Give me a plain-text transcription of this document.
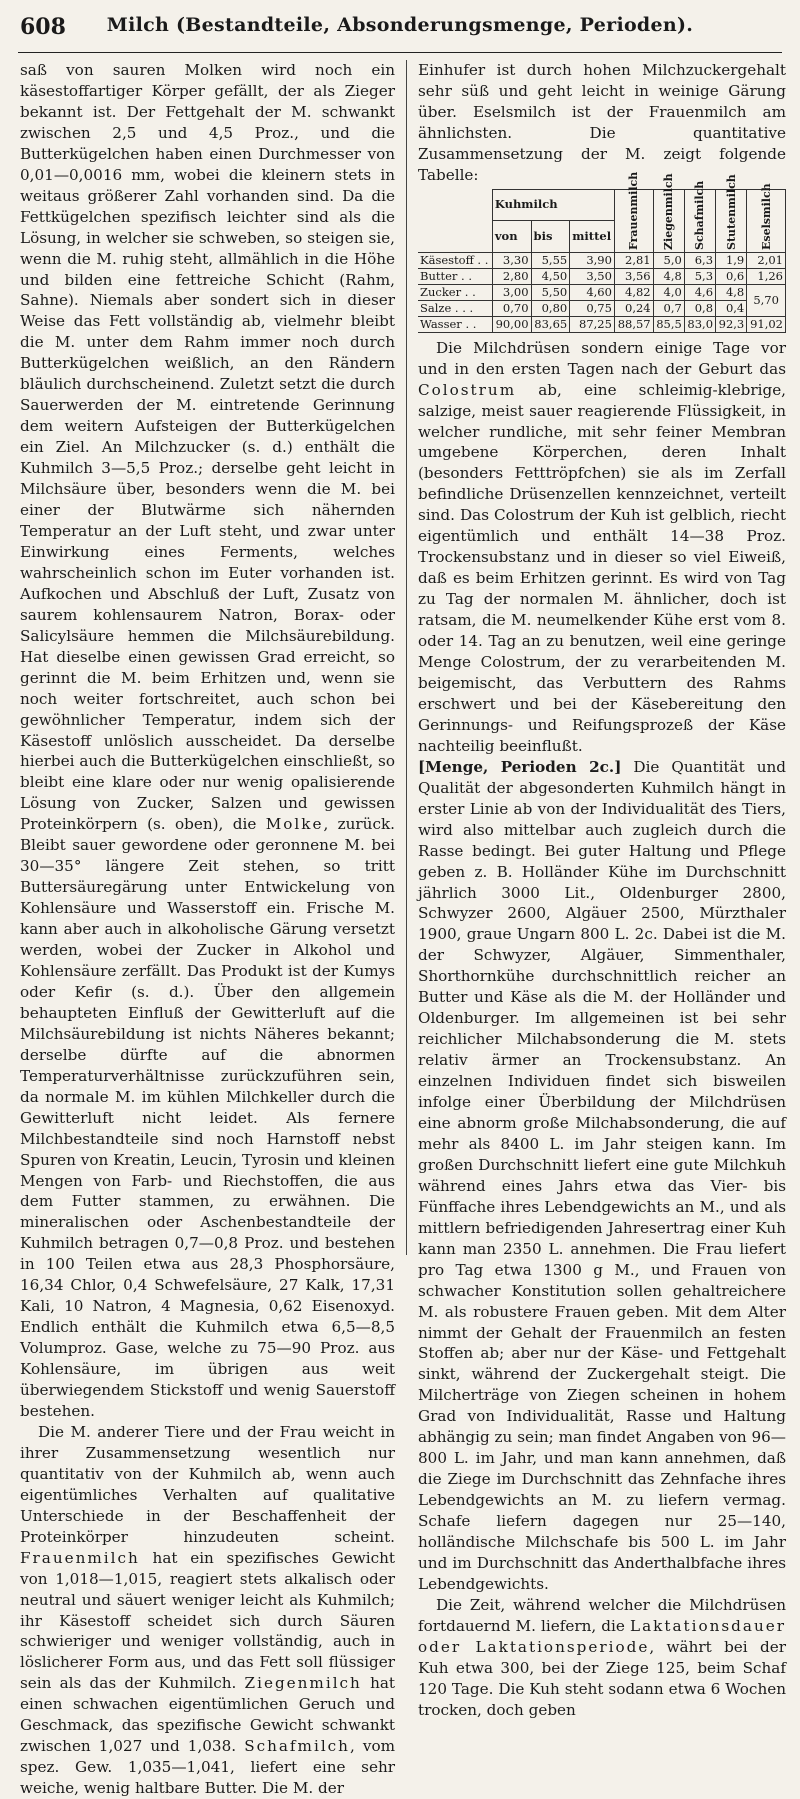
608	Milch (Bestandteile, Absonderungsmenge, Perioden).

saß von sauren Molken wird noch ein käsestoffartiger Körper gefällt, der als Zieger bekannt ist. Der Fettgehalt der M. schwankt zwischen 2,5 und 4,5 Proz., und die Butterkügelchen haben einen Durchmesser von 0,01—0,0016 mm, wobei die kleinern stets in weitaus größerer Zahl vorhanden sind. Da die Fettkügelchen spezifisch leichter sind als die Lösung, in welcher sie schweben, so steigen sie, wenn die M. ruhig steht, allmählich in die Höhe und bilden eine fettreiche Schicht (Rahm, Sahne). Niemals aber sondert sich in dieser Weise das Fett vollständig ab, vielmehr bleibt die M. unter dem Rahm immer noch durch Butterkügelchen weißlich, an den Rändern bläulich durchscheinend. Zuletzt setzt die durch Sauerwerden der M. eintretende Gerinnung dem weitern Aufsteigen der Butterkügelchen ein Ziel. An Milchzucker (s. d.) enthält die Kuhmilch 3—5,5 Proz.; derselbe geht leicht in Milchsäure über, besonders wenn die M. bei einer der Blutwärme sich nähernden Temperatur an der Luft steht, und zwar unter Einwirkung eines Ferments, welches wahrscheinlich schon im Euter vorhanden ist. Aufkochen und Abschluß der Luft, Zusatz von saurem kohlensaurem Natron, Borax- oder Salicylsäure hemmen die Milchsäurebildung. Hat dieselbe einen gewissen Grad erreicht, so gerinnt die M. beim Erhitzen und, wenn sie noch weiter fortschreitet, auch schon bei gewöhnlicher Temperatur, indem sich der Käsestoff unlöslich ausscheidet. Da derselbe hierbei auch die Butterkügelchen einschließt, so bleibt eine klare oder nur wenig opalisierende Lösung von Zucker, Salzen und gewissen Proteinkörpern (s. oben), die Molke, zurück. Bleibt sauer gewordene oder geronnene M. bei 30—35° längere Zeit stehen, so tritt Buttersäuregärung unter Entwickelung von Kohlensäure und Wasserstoff ein. Frische M. kann aber auch in alkoholische Gärung versetzt werden, wobei der Zucker in Alkohol und Kohlensäure zerfällt. Das Produkt ist der Kumys oder Kefir (s. d.). Über den allgemein behaupteten Einfluß der Gewitterluft auf die Milchsäurebildung ist nichts Näheres bekannt; derselbe dürfte auf die abnormen Temperaturverhältnisse zurückzuführen sein, da normale M. im kühlen Milchkeller durch die Gewitterluft nicht leidet. Als fernere Milchbestandteile sind noch Harnstoff nebst Spuren von Kreatin, Leucin, Tyrosin und kleinen Mengen von Farb- und Riechstoffen, die aus dem Futter stammen, zu erwähnen. Die mineralischen oder Aschenbestandteile der Kuhmilch betragen 0,7—0,8 Proz. und bestehen in 100 Teilen etwa aus 28,3 Phosphorsäure, 16,34 Chlor, 0,4 Schwefelsäure, 27 Kalk, 17,31 Kali, 10 Natron, 4 Magnesia, 0,62 Eisenoxyd. Endlich enthält die Kuhmilch etwa 6,5—8,5 Volumproz. Gase, welche zu 75—90 Proz. aus Kohlensäure, im übrigen aus weit überwiegendem Stickstoff und wenig Sauerstoff bestehen.

Die M. anderer Tiere und der Frau weicht in ihrer Zusammensetzung wesentlich nur quantitativ von der Kuhmilch ab, wenn auch eigentümliches Verhalten auf qualitative Unterschiede in der Beschaffenheit der Proteinkörper hinzudeuten scheint. Frauenmilch hat ein spezifisches Gewicht von 1,018—1,015, reagiert stets alkalisch oder neutral und säuert weniger leicht als Kuhmilch; ihr Käsestoff scheidet sich durch Säuren schwieriger und weniger vollständig, auch in löslicherer Form aus, und das Fett soll flüssiger sein als das der Kuhmilch. Ziegenmilch hat einen schwachen eigentümlichen Geruch und Geschmack, das spezifische Gewicht schwankt zwischen 1,027 und 1,038. Schafmilch, vom spez. Gew. 1,035—1,041, liefert eine sehr weiche, wenig haltbare Butter. Die M. der

Einhufer ist durch hohen Milchzuckergehalt sehr süß und geht leicht in weinige Gärung über. Eselsmilch ist der Frauenmilch am ähnlichsten. Die quantitative Zusammensetzung der M. zeigt folgende Tabelle:

	Kuhmilch			Frauenmilch	Ziegenmilch	Schafmilch	Stutenmilch	Eselsmilch
	von	bis	mittel					
Käsestoff . .	3,30	5,55	3,90	2,81	5,0	6,3	1,9	2,01
Butter . .	2,80	4,50	3,50	3,56	4,8	5,3	0,6	1,26
Zucker . .	3,00	5,50	4,60	4,82	4,0	4,6	4,8	5,70
Salze . . .	0,70	0,80	0,75	0,24	0,7	0,8	0,4	
Wasser . .	90,00	83,65	87,25	88,57	85,5	83,0	92,3	91,02

Die Milchdrüsen sondern einige Tage vor und in den ersten Tagen nach der Geburt das Colostrum ab, eine schleimig-klebrige, salzige, meist sauer reagierende Flüssigkeit, in welcher rundliche, mit sehr feiner Membran umgebene Körperchen, deren Inhalt (besonders Fetttröpfchen) sie als im Zerfall befindliche Drüsenzellen kennzeichnet, verteilt sind. Das Colostrum der Kuh ist gelblich, riecht eigentümlich und enthält 14—38 Proz. Trockensubstanz und in dieser so viel Eiweiß, daß es beim Erhitzen gerinnt. Es wird von Tag zu Tag der normalen M. ähnlicher, doch ist ratsam, die M. neumelkender Kühe erst vom 8. oder 14. Tag an zu benutzen, weil eine geringe Menge Colostrum, der zu verarbeitenden M. beigemischt, das Verbuttern des Rahms erschwert und bei der Käsebereitung den Gerinnungs- und Reifungsprozeß der Käse nachteilig beeinflußt.

[Menge, Perioden 2c.] Die Quantität und Qualität der abgesonderten Kuhmilch hängt in erster Linie ab von der Individualität des Tiers, wird also mittelbar auch zugleich durch die Rasse bedingt. Bei guter Haltung und Pflege geben z. B. Holländer Kühe im Durchschnitt jährlich 3000 Lit., Oldenburger 2800, Schwyzer 2600, Algäuer 2500, Mürzthaler 1900, graue Ungarn 800 L. 2c. Dabei ist die M. der Schwyzer, Algäuer, Simmenthaler, Shorthornkühe durchschnittlich reicher an Butter und Käse als die M. der Holländer und Oldenburger. Im allgemeinen ist bei sehr reichlicher Milchabsonderung die M. stets relativ ärmer an Trockensubstanz. An einzelnen Individuen findet sich bisweilen infolge einer Überbildung der Milchdrüsen eine abnorm große Milchabsonderung, die auf mehr als 8400 L. im Jahr steigen kann. Im großen Durchschnitt liefert eine gute Milchkuh während eines Jahrs etwa das Vier- bis Fünffache ihres Lebendgewichts an M., und als mittlern befriedigenden Jahresertrag einer Kuh kann man 2350 L. annehmen. Die Frau liefert pro Tag etwa 1300 g M., und Frauen von schwacher Konstitution sollen gehaltreichere M. als robustere Frauen geben. Mit dem Alter nimmt der Gehalt der Frauenmilch an festen Stoffen ab; aber nur der Käse- und Fettgehalt sinkt, während der Zuckergehalt steigt. Die Milcherträge von Ziegen scheinen in hohem Grad von Individualität, Rasse und Haltung abhängig zu sein; man findet Angaben von 96—800 L. im Jahr, und man kann annehmen, daß die Ziege im Durchschnitt das Zehnfache ihres Lebendgewichts an M. zu liefern vermag. Schafe liefern dagegen nur 25—140, holländische Milchschafe bis 500 L. im Jahr und im Durchschnitt das Anderthalbfache ihres Lebendgewichts.

Die Zeit, während welcher die Milchdrüsen fortdauernd M. liefern, die Laktationsdauer oder Laktationsperiode, währt bei der Kuh etwa 300, bei der Ziege 125, beim Schaf 120 Tage. Die Kuh steht sodann etwa 6 Wochen trocken, doch geben
